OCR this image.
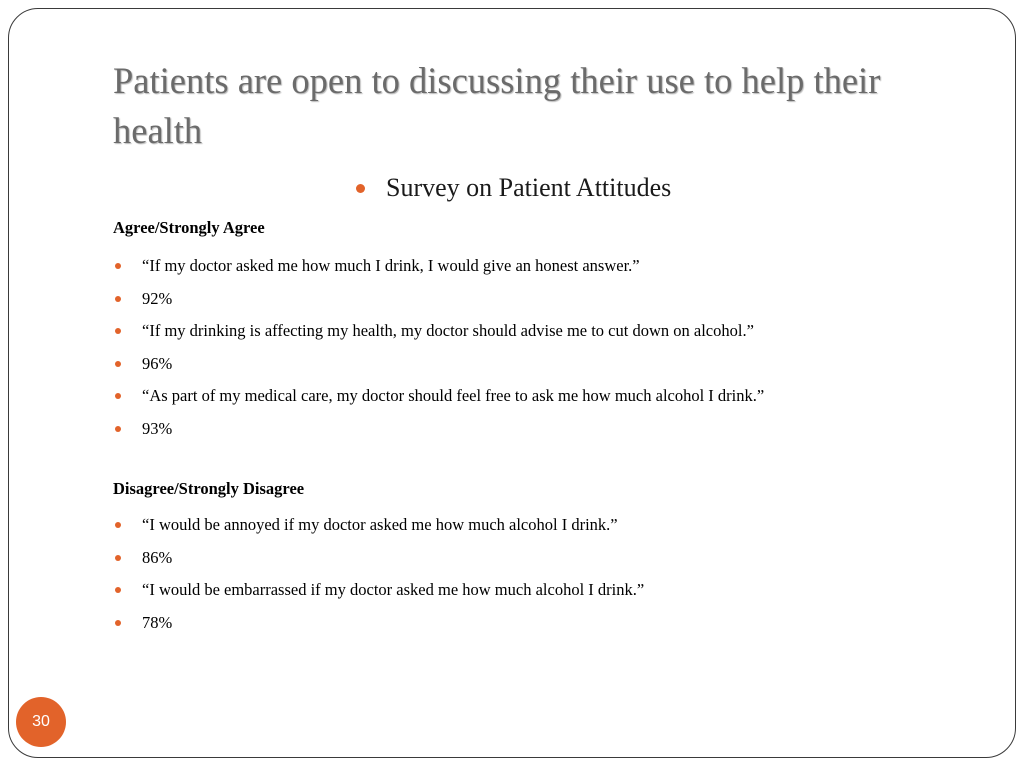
Patients are open to discussing their use to help their health
Survey on Patient Attitudes
Agree/Strongly Agree
“If my doctor asked me how much I drink, I would give an honest answer.”
92%
“If my drinking is affecting my health, my doctor should advise me to cut down on alcohol.”
96%
“As part of my medical care, my doctor should feel free to ask me how much alcohol I drink.”
93%
Disagree/Strongly Disagree
“I would be annoyed if my doctor asked me how much alcohol I drink.”
86%
“I would be embarrassed if my doctor asked me how much alcohol I drink.”
78%
30
